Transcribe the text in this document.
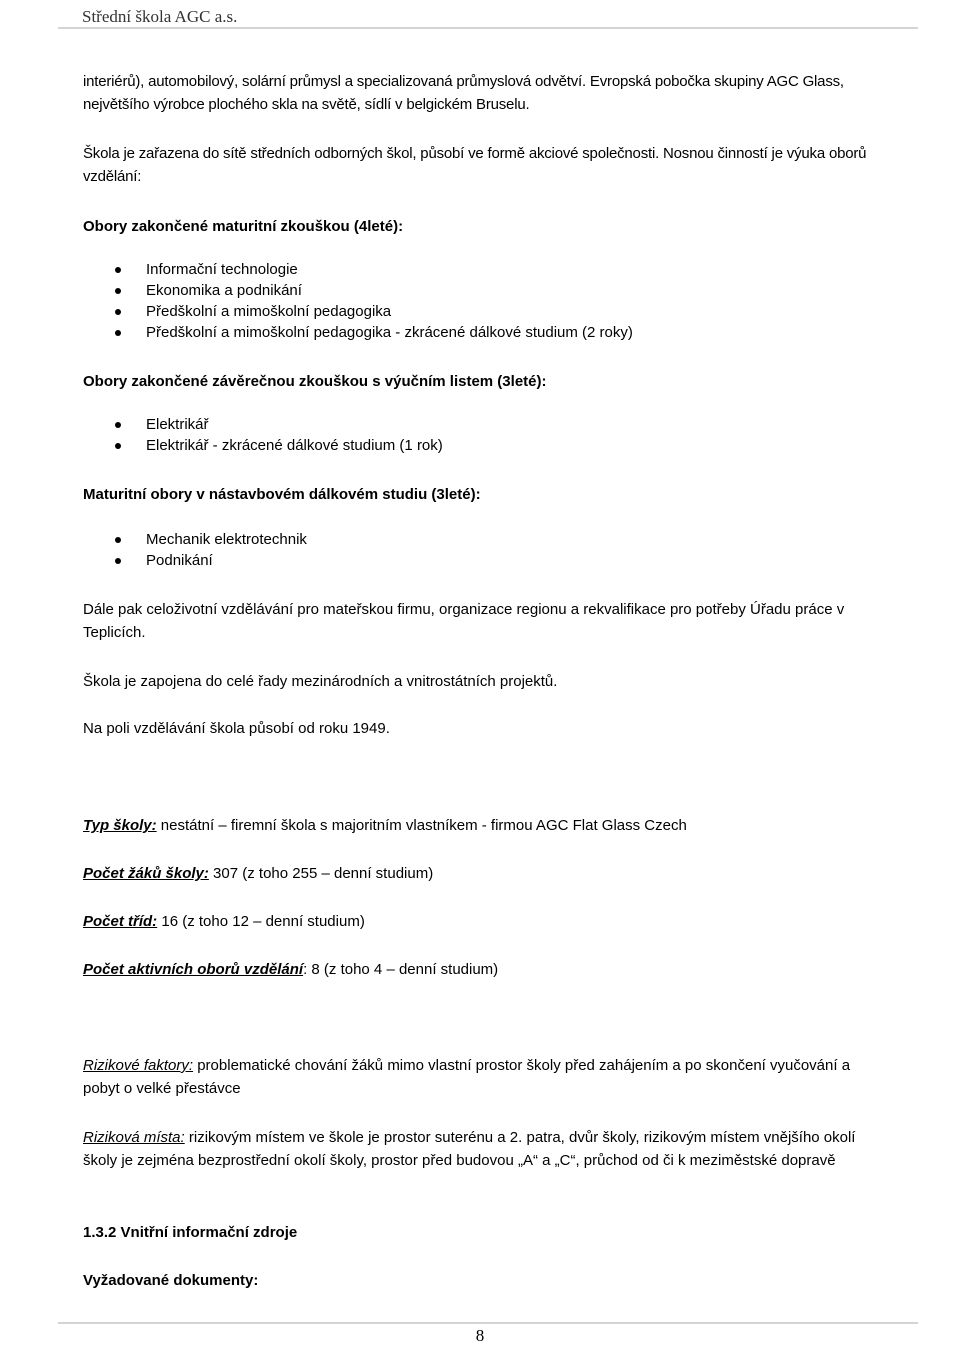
Střední škola AGC a.s.

interiérů), automobilový, solární průmysl a specializovaná průmyslová odvětví. Evropská pobočka skupiny AGC Glass, největšího výrobce plochého skla na světě, sídlí v belgickém Bruselu.

Škola je zařazena do sítě středních odborných škol, působí ve formě akciové společnosti. Nosnou činností je výuka oborů vzdělání:

Obory zakončené maturitní zkouškou (4leté):
Informační technologie
Ekonomika a podnikání
Předškolní a mimoškolní pedagogika
Předškolní a mimoškolní pedagogika - zkrácené dálkové studium (2 roky)
Obory zakončené závěrečnou zkouškou s výučním listem (3leté):
Elektrikář
Elektrikář - zkrácené dálkové studium (1 rok)
Maturitní obory v nástavbovém dálkovém studiu (3leté):
Mechanik elektrotechnik
Podnikání

Dále pak celoživotní vzdělávání pro mateřskou firmu, organizace regionu a rekvalifikace pro potřeby Úřadu práce v Teplicích.

Škola je zapojena do celé řady mezinárodních a vnitrostátních projektů.

Na poli vzdělávání škola působí od roku 1949.

Typ školy: nestátní – firemní škola s majoritním vlastníkem - firmou AGC Flat Glass Czech

Počet žáků školy: 307 (z toho 255 – denní studium)

Počet tříd: 16 (z toho 12 – denní studium)

Počet aktivních oborů vzdělání: 8 (z toho 4 – denní studium)

Rizikové faktory: problematické chování žáků mimo vlastní prostor školy před zahájením a po skončení vyučování a pobyt o velké přestávce

Riziková místa: rizikovým místem ve škole je prostor suterénu a 2. patra, dvůr školy, rizikovým místem vnějšího okolí školy je zejména bezprostřední okolí školy, prostor před budovou „A“ a „C“, průchod od či k meziměstské dopravě

1.3.2 Vnitřní informační zdroje
Vyžadované dokumenty:
8
